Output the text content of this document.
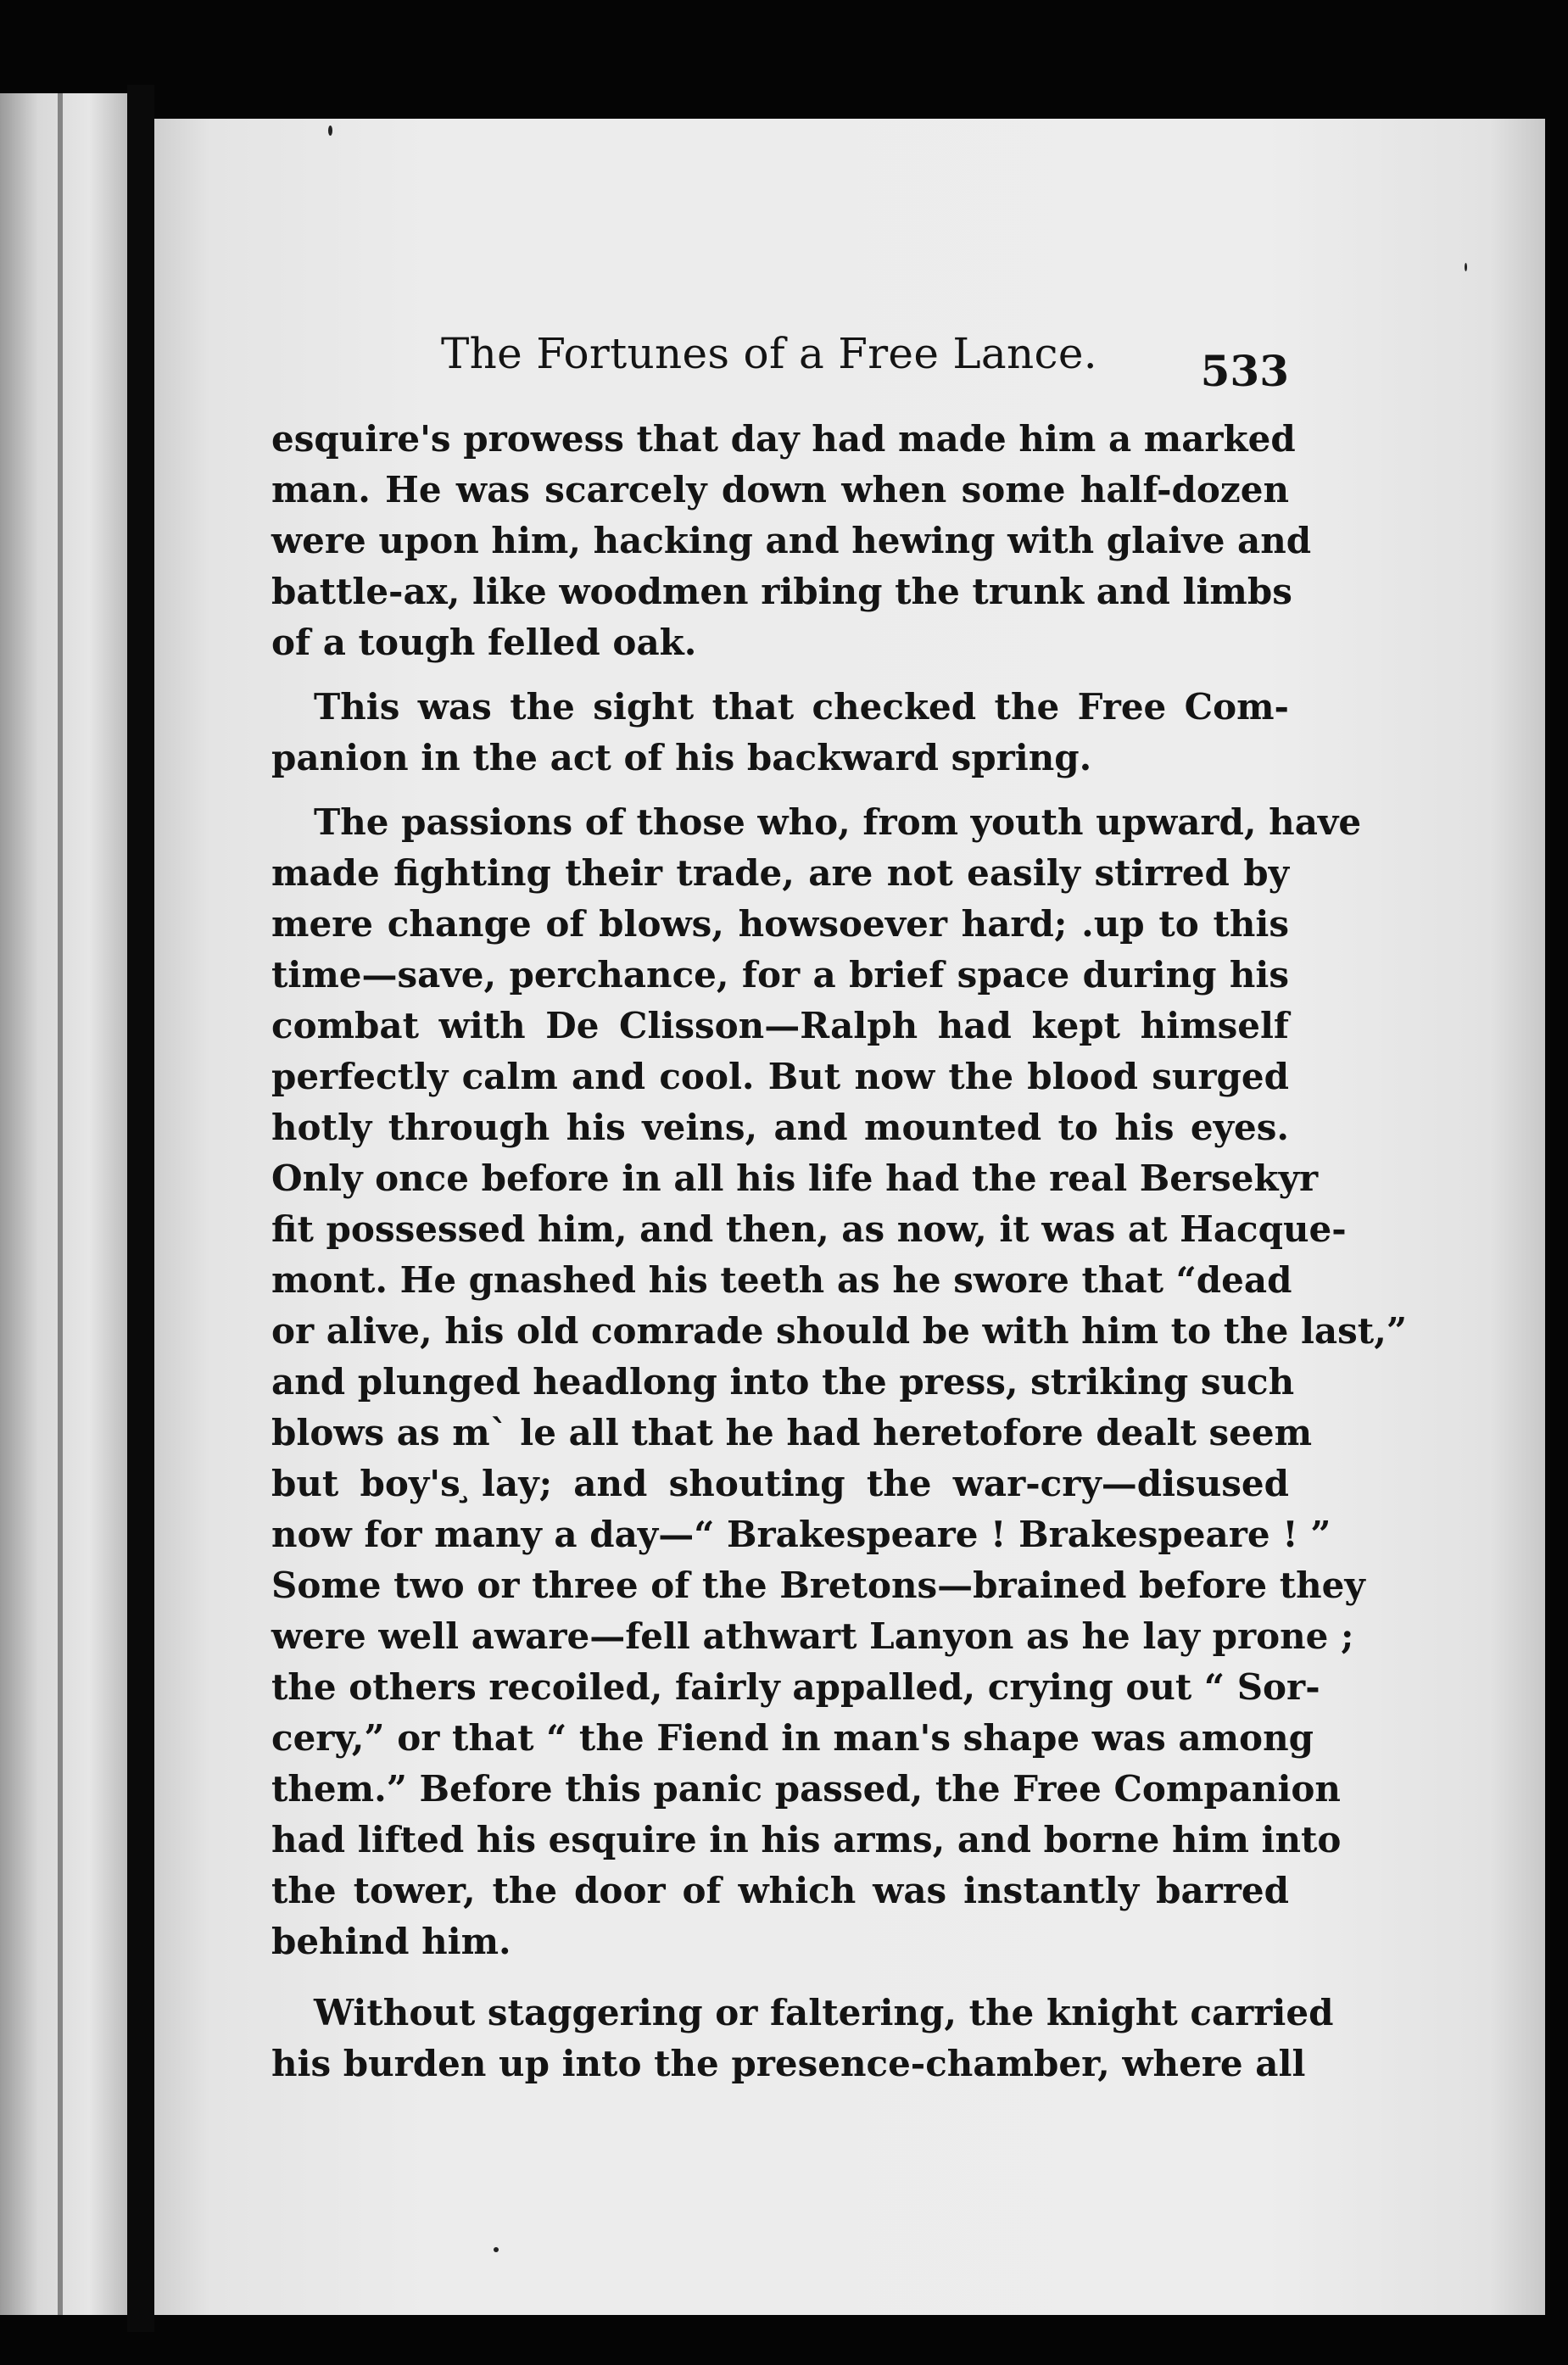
The Fortunes of a Free Lance. 533
esquire's prowess that day had made him a marked
man. He was scarcely down when some half-dozen
were upon him, hacking and hewing with glaive and
battle-ax, like woodmen ribing the trunk and limbs
of a tough felled oak.
This was the sight that checked the Free Com-
panion in the act of his backward spring.
The passions of those who, from youth upward, have
made fighting their trade, are not easily stirred by
mere change of blows, howsoever hard; .up to this
time—save, perchance, for a brief space during his
combat with De Clisson—Ralph had kept himself
perfectly calm and cool. But now the blood surged
hotly through his veins, and mounted to his eyes.
Only once before in all his life had the real Bersekyr
fit possessed him, and then, as now, it was at Hacque-
mont. He gnashed his teeth as he swore that “dead
or alive, his old comrade should be with him to the last,”
and plunged headlong into the press, striking such
blows as mˋ le all that he had heretofore dealt seem
but boy's ̧lay; and shouting the war-cry—disused
now for many a day—“ Brakespeare ! Brakespeare ! ”
Some two or three of the Bretons—brained before they
were well aware—fell athwart Lanyon as he lay prone ;
the others recoiled, fairly appalled, crying out “ Sor-
cery,” or that “ the Fiend in man's shape was among
them.” Before this panic passed, the Free Companion
had lifted his esquire in his arms, and borne him into
the tower, the door of which was instantly barred
behind him.
Without staggering or faltering, the knight carried
his burden up into the presence-chamber, where all
